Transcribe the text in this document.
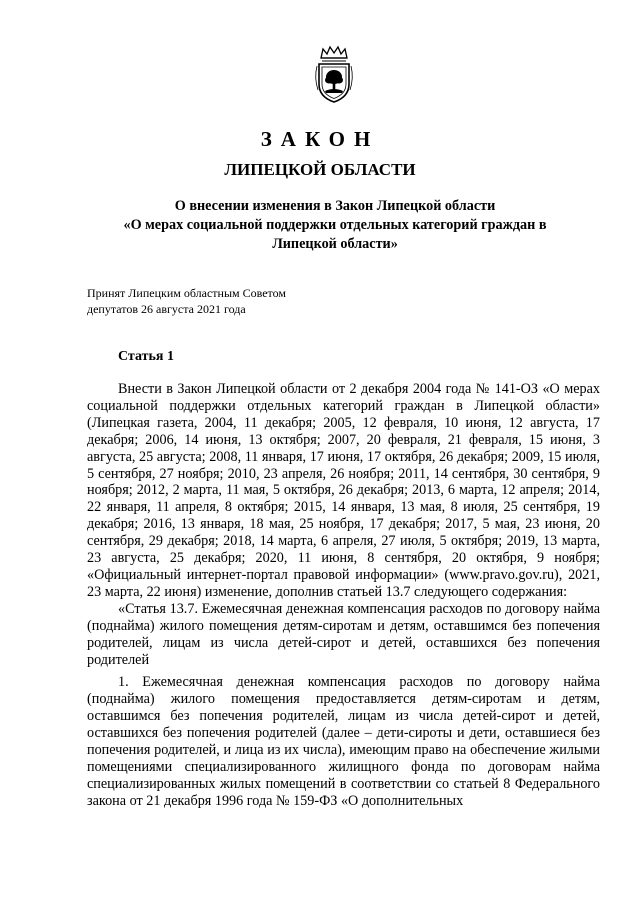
ЗАКОН
ЛИПЕЦКОЙ ОБЛАСТИ
О внесении изменения в Закон Липецкой области
«О мерах социальной поддержки отдельных категорий граждан в
Липецкой области»
Принят Липецким областным Советом
депутатов 26 августа 2021 года
Статья 1

Внести в Закон Липецкой области от 2 декабря 2004 года № 141-ОЗ «О мерах социальной поддержки отдельных категорий граждан в Липецкой области» (Липецкая газета, 2004, 11 декабря; 2005, 12 февраля, 10 июня, 12 августа, 17 декабря; 2006, 14 июня, 13 октября; 2007, 20 февраля, 21 февраля, 15 июня, 3 августа, 25 августа; 2008, 11 января, 17 июня, 17 октября, 26 декабря; 2009, 15 июля, 5 сентября, 27 ноября; 2010, 23 апреля, 26 ноября; 2011, 14 сентября, 30 сентября, 9 ноября; 2012, 2 марта, 11 мая, 5 октября, 26 декабря; 2013, 6 марта, 12 апреля; 2014, 22 января, 11 апреля, 8 октября; 2015, 14 января, 13 мая, 8 июля, 25 сентября, 19 декабря; 2016, 13 января, 18 мая, 25 ноября, 17 декабря; 2017, 5 мая, 23 июня, 20 сентября, 29 декабря; 2018, 14 марта, 6 апреля, 27 июля, 5 октября; 2019, 13 марта, 23 августа, 25 декабря; 2020, 11 июня, 8 сентября, 20 октября, 9 ноября; «Официальный интернет-портал правовой информации» (www.pravo.gov.ru), 2021, 23 марта, 22 июня) изменение, дополнив статьей 13.7 следующего содержания:

«Статья 13.7. Ежемесячная денежная компенсация расходов по договору найма (поднайма) жилого помещения детям-сиротам и детям, оставшимся без попечения родителей, лицам из числа детей-сирот и детей, оставшихся без попечения родителей

1. Ежемесячная денежная компенсация расходов по договору найма (поднайма) жилого помещения предоставляется детям-сиротам и детям, оставшимся без попечения родителей, лицам из числа детей-сирот и детей, оставшихся без попечения родителей (далее – дети-сироты и дети, оставшиеся без попечения родителей, и лица из их числа), имеющим право на обеспечение жилыми помещениями специализированного жилищного фонда по договорам найма специализированных жилых помещений в соответствии со статьей 8 Федерального закона от 21 декабря 1996 года № 159-ФЗ «О дополнительных
